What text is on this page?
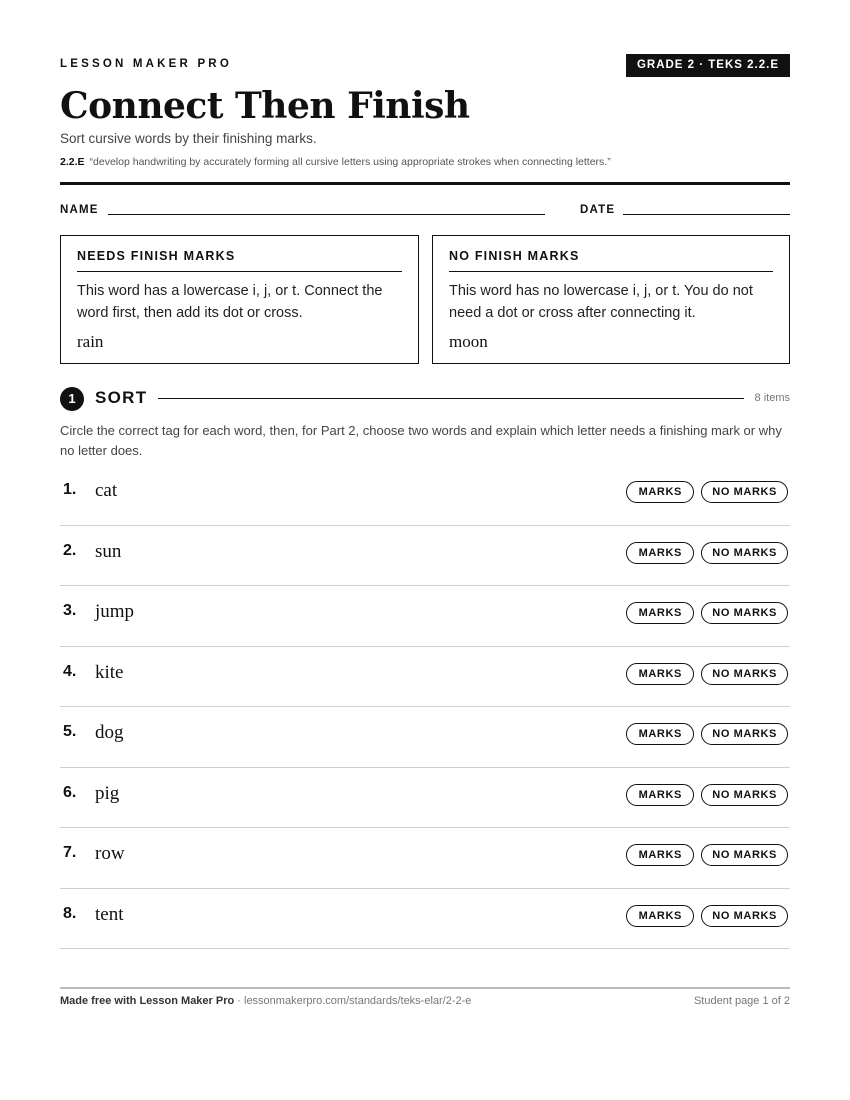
LESSON MAKER PRO	GRADE 2 · TEKS 2.2.E
Connect Then Finish
Sort cursive words by their finishing marks.
2.2.E “develop handwriting by accurately forming all cursive letters using appropriate strokes when connecting letters.”
NAME	DATE
NEEDS FINISH MARKS
This word has a lowercase i, j, or t. Connect the word first, then add its dot or cross.
rain
NO FINISH MARKS
This word has no lowercase i, j, or t. You do not need a dot or cross after connecting it.
moon
1	SORT	8 items
Circle the correct tag for each word, then, for Part 2, choose two words and explain which letter needs a finishing mark or why no letter does.
1. cat	MARKS	NO MARKS
2. sun	MARKS	NO MARKS
3. jump	MARKS	NO MARKS
4. kite	MARKS	NO MARKS
5. dog	MARKS	NO MARKS
6. pig	MARKS	NO MARKS
7. row	MARKS	NO MARKS
8. tent	MARKS	NO MARKS
Made free with Lesson Maker Pro · lessonmakerpro.com/standards/teks-elar/2-2-e	Student page 1 of 2
